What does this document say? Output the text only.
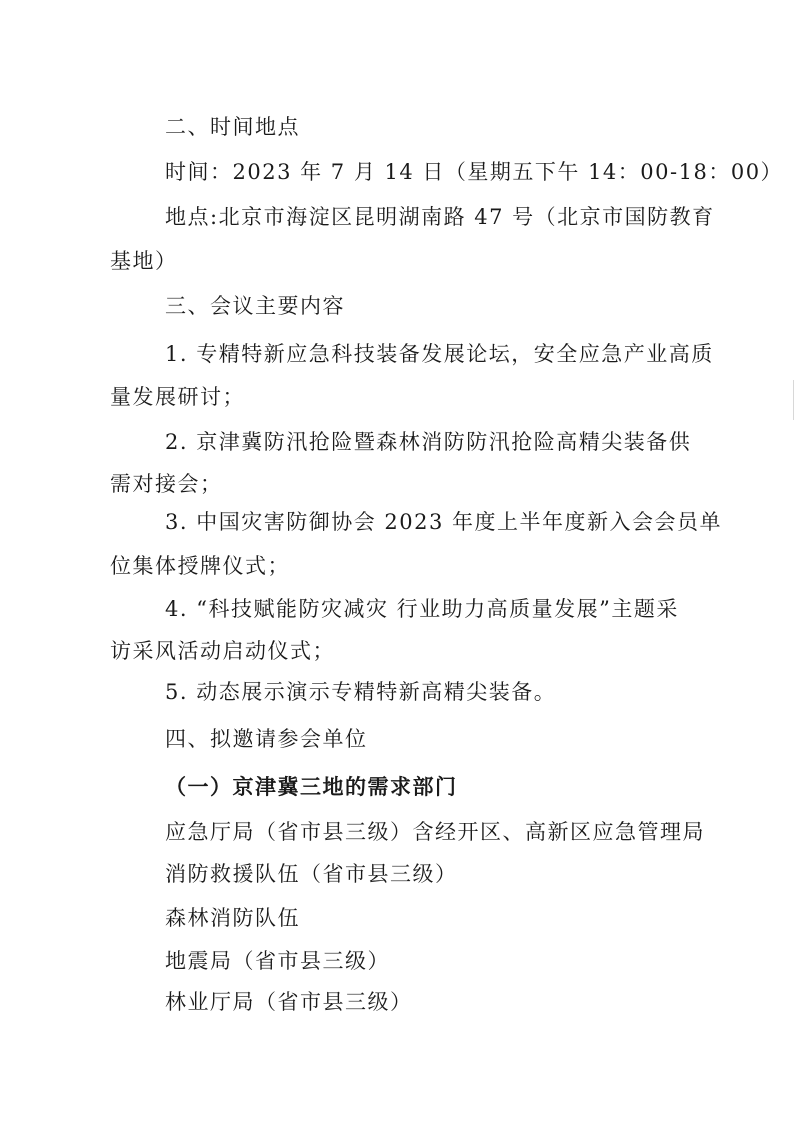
二、时间地点
时间：2023 年 7 月 14 日（星期五下午 14：00-18：00）
地点:北京市海淀区昆明湖南路 47 号（北京市国防教育
基地）
三、会议主要内容
1. 专精特新应急科技装备发展论坛，安全应急产业高质
量发展研讨；
2. 京津冀防汛抢险暨森林消防防汛抢险高精尖装备供
需对接会；
3. 中国灾害防御协会 2023 年度上半年度新入会会员单
位集体授牌仪式；
4. “科技赋能防灾减灾 行业助力高质量发展”主题采
访采风活动启动仪式；
5. 动态展示演示专精特新高精尖装备。
四、拟邀请参会单位
（一）京津冀三地的需求部门
应急厅局（省市县三级）含经开区、高新区应急管理局
消防救援队伍（省市县三级）
森林消防队伍
地震局（省市县三级）
林业厅局（省市县三级）
